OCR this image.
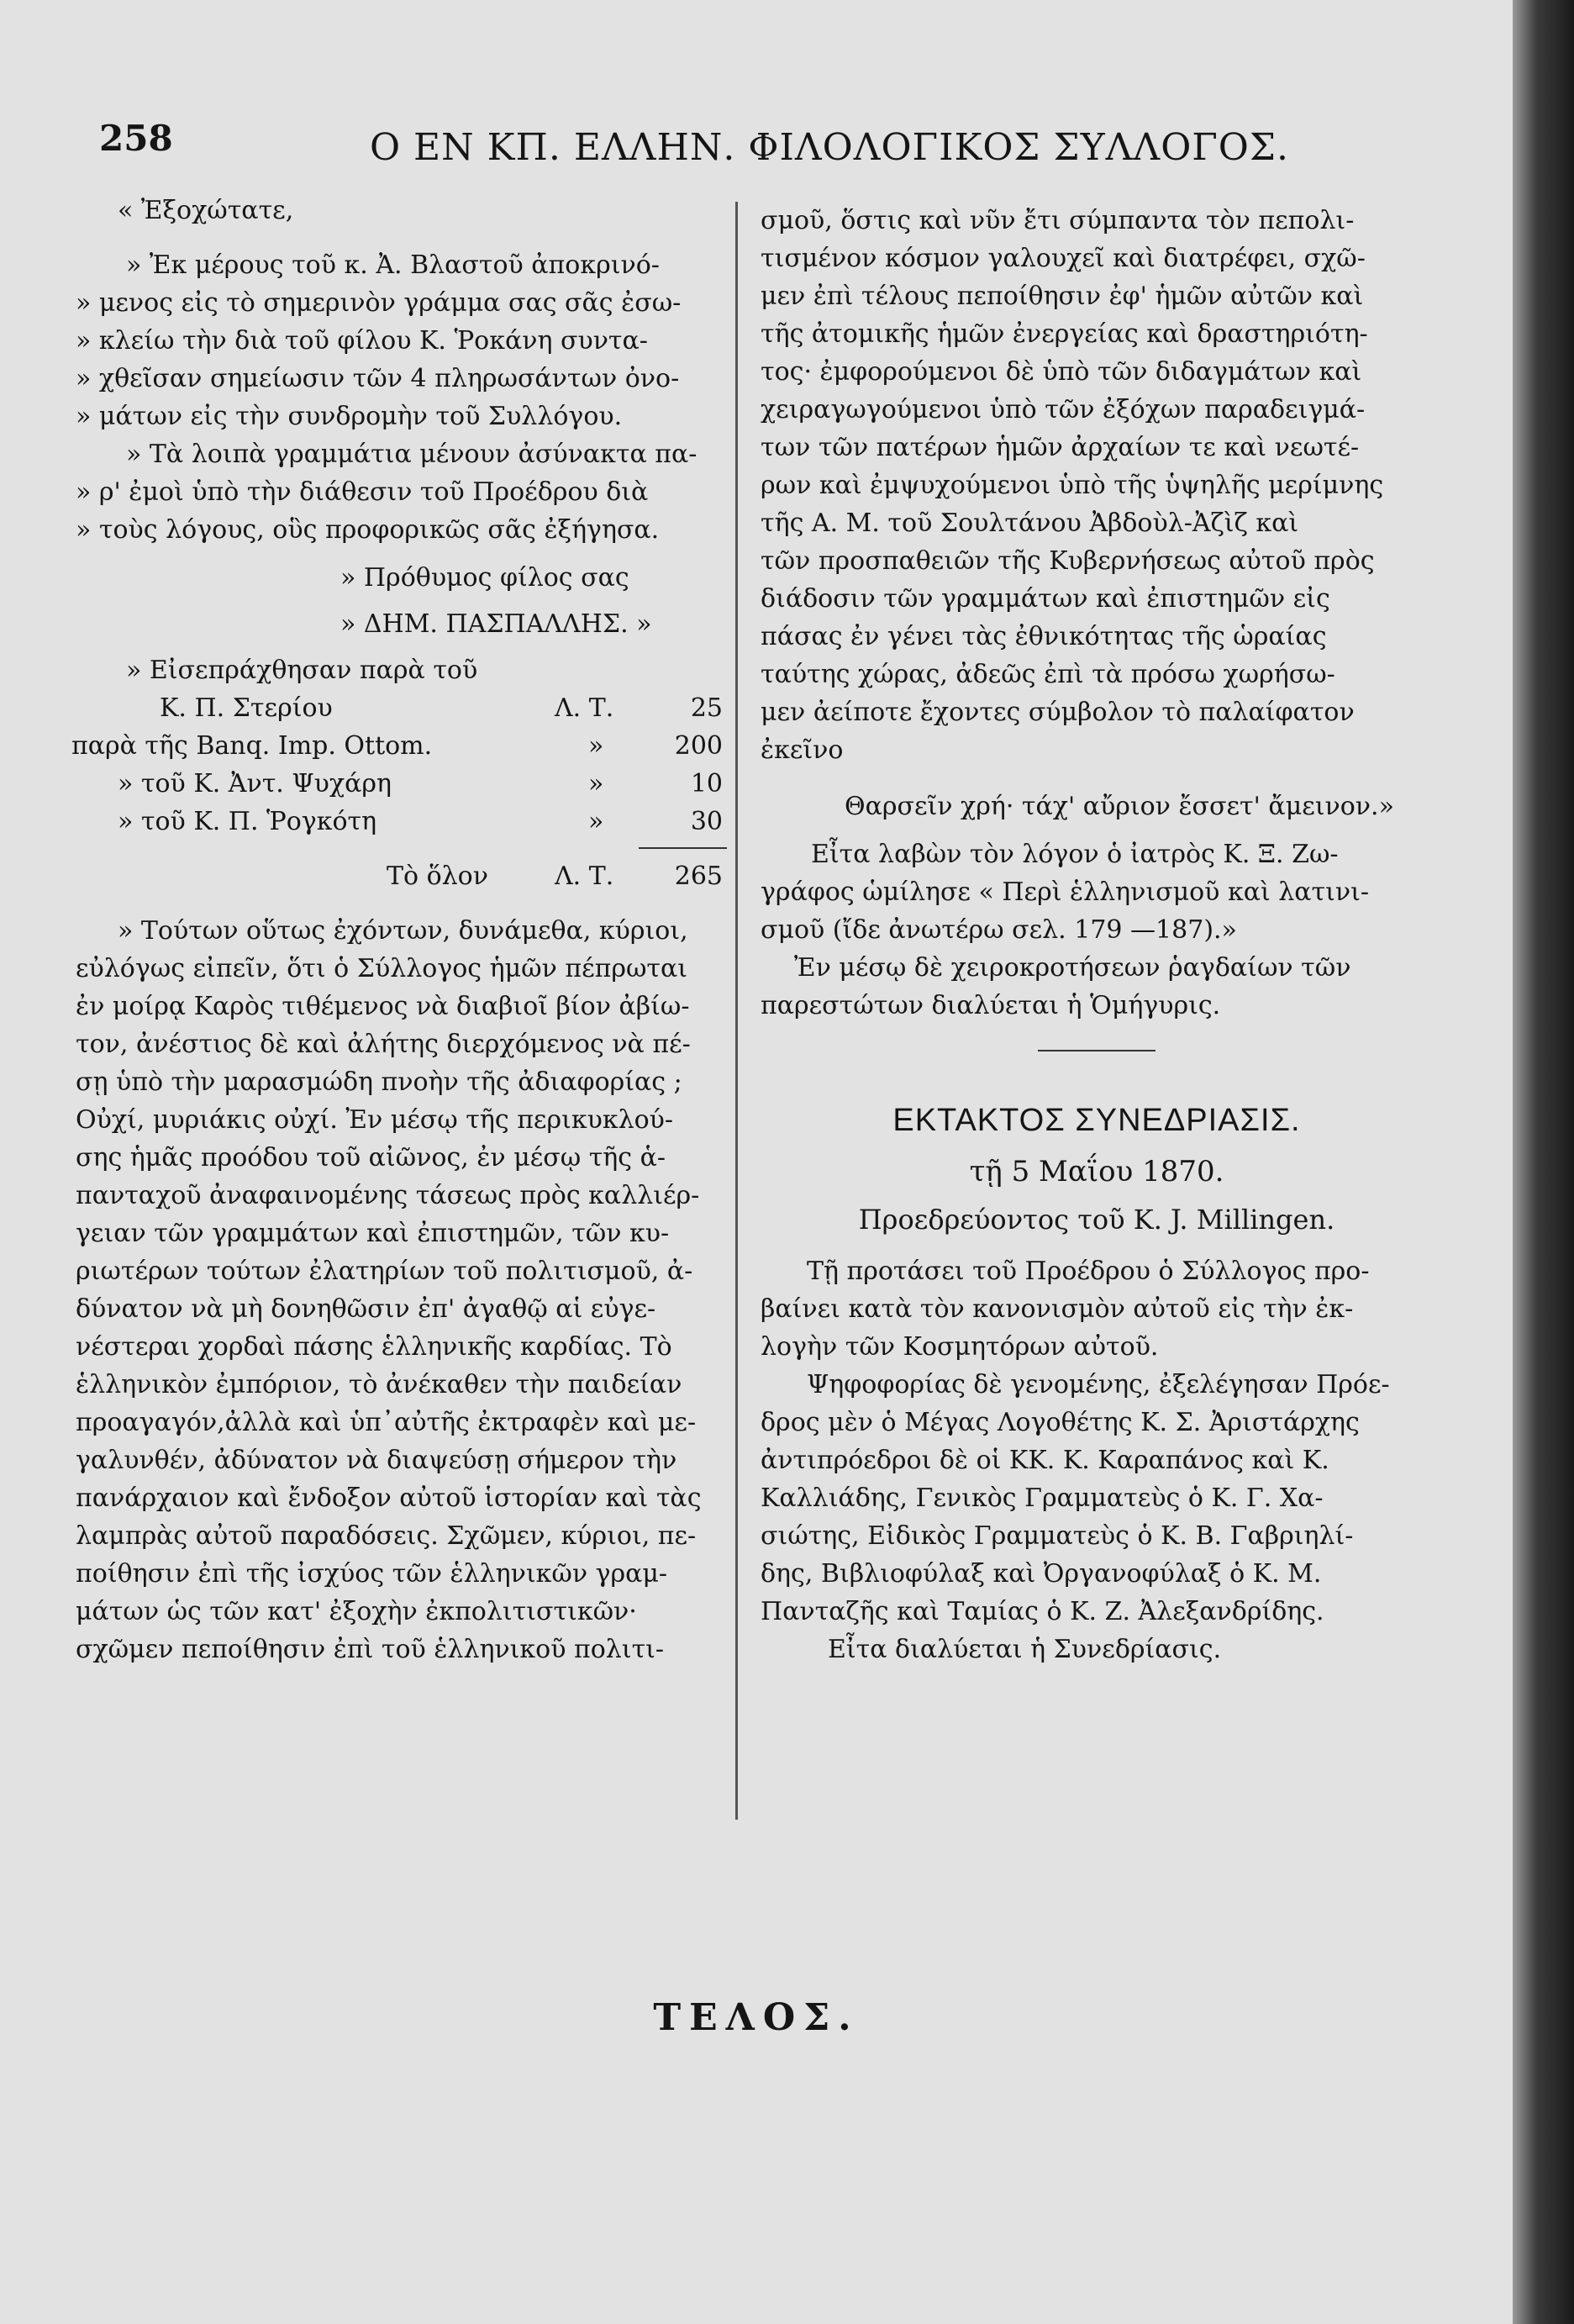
258	Ο ΕΝ ΚΠ. ΕΛΛΗΝ. ΦΙΛΟΛΟΓΙΚΟΣ ΣΥΛΛΟΓΟΣ.
« Ἐξοχώτατε,
» Ἐκ μέρους τοῦ κ. Ἀ. Βλαστοῦ ἀποκρινό-
» μενος εἰς τὸ σημερινὸν γράμμα σας σᾶς ἐσω-
» κλείω τὴν διὰ τοῦ φίλου Κ. Ῥοκάνη συντα-
» χθεῖσαν σημείωσιν τῶν 4 πληρωσάντων ὀνο-
» μάτων εἰς τὴν συνδρομὴν τοῦ Συλλόγου.
» Τὰ λοιπὰ γραμμάτια μένουν ἀσύνακτα πα-
» ρ' ἐμοὶ ὑπὸ τὴν διάθεσιν τοῦ Προέδρου διὰ
» τοὺς λόγους, οὓς προφορικῶς σᾶς ἐξήγησα.
» Πρόθυμος φίλος σας
» ΔΗΜ. ΠΑΣΠΑΛΛΗΣ. »
» Εἰσεπράχθησαν παρὰ τοῦ
Κ. Π. Στερίου	Λ. Τ.	25
παρὰ τῆς Banq. Imp. Ottom.	»	200
» τοῦ Κ. Ἀντ. Ψυχάρη	»	10
» τοῦ Κ. Π. Ῥογκότη	»	30
Τὸ ὅλον	Λ. Τ.	265
» Τούτων οὕτως ἐχόντων, δυνάμεθα, κύριοι,
εὐλόγως εἰπεῖν, ὅτι ὁ Σύλλογος ἡμῶν πέπρωται
ἐν μοίρᾳ Καρὸς τιθέμενος νὰ διαβιοῖ βίον ἀβίω-
τον, ἀνέστιος δὲ καὶ ἀλήτης διερχόμενος νὰ πέ-
σῃ ὑπὸ τὴν μαρασμώδη πνοὴν τῆς ἀδιαφορίας ;
Οὐχί, μυριάκις οὐχί. Ἐν μέσῳ τῆς περικυκλού-
σης ἡμᾶς προόδου τοῦ αἰῶνος, ἐν μέσῳ τῆς ἁ-
πανταχοῦ ἀναφαινομένης τάσεως πρὸς καλλιέρ-
γειαν τῶν γραμμάτων καὶ ἐπιστημῶν, τῶν κυ-
ριωτέρων τούτων ἐλατηρίων τοῦ πολιτισμοῦ, ἀ-
δύνατον νὰ μὴ δονηθῶσιν ἐπ' ἀγαθῷ αἱ εὐγε-
νέστεραι χορδαὶ πάσης ἑλληνικῆς καρδίας. Τὸ
ἑλληνικὸν ἐμπόριον, τὸ ἀνέκαθεν τὴν παιδείαν
προαγαγόν,ἀλλὰ καὶ ὑπ᾽αὐτῆς ἐκτραφὲν καὶ με-
γαλυνθέν, ἀδύνατον νὰ διαψεύσῃ σήμερον τὴν
πανάρχαιον καὶ ἔνδοξον αὐτοῦ ἱστορίαν καὶ τὰς
λαμπρὰς αὐτοῦ παραδόσεις. Σχῶμεν, κύριοι, πε-
ποίθησιν ἐπὶ τῆς ἰσχύος τῶν ἑλληνικῶν γραμ-
μάτων ὡς τῶν κατ' ἐξοχὴν ἐκπολιτιστικῶν·
σχῶμεν πεποίθησιν ἐπὶ τοῦ ἑλληνικοῦ πολιτι-
σμοῦ, ὅστις καὶ νῦν ἔτι σύμπαντα τὸν πεπολι-
τισμένον κόσμον γαλουχεῖ καὶ διατρέφει, σχῶ-
μεν ἐπὶ τέλους πεποίθησιν ἐφ' ἡμῶν αὐτῶν καὶ
τῆς ἀτομικῆς ἡμῶν ἐνεργείας καὶ δραστηριότη-
τος· ἐμφορούμενοι δὲ ὑπὸ τῶν διδαγμάτων καὶ
χειραγωγούμενοι ὑπὸ τῶν ἐξόχων παραδειγμά-
των τῶν πατέρων ἡμῶν ἀρχαίων τε καὶ νεωτέ-
ρων καὶ ἐμψυχούμενοι ὑπὸ τῆς ὑψηλῆς μερίμνης
τῆς Α. Μ. τοῦ Σουλτάνου Ἀβδοὺλ-Ἀζὶζ καὶ
τῶν προσπαθειῶν τῆς Κυβερνήσεως αὐτοῦ πρὸς
διάδοσιν τῶν γραμμάτων καὶ ἐπιστημῶν εἰς
πάσας ἐν γένει τὰς ἐθνικότητας τῆς ὡραίας
ταύτης χώρας, ἀδεῶς ἐπὶ τὰ πρόσω χωρήσω-
μεν ἀείποτε ἔχοντες σύμβολον τὸ παλαίφατον
ἐκεῖνο
Θαρσεῖν χρή· τάχ' αὔριον ἔσσετ' ἄμεινον.»
Εἶτα λαβὼν τὸν λόγον ὁ ἰατρὸς Κ. Ξ. Ζω-
γράφος ὡμίλησε « Περὶ ἑλληνισμοῦ καὶ λατινι-
σμοῦ (ἴδε ἀνωτέρω σελ. 179 —187).»
Ἐν μέσῳ δὲ χειροκροτήσεων ῥαγδαίων τῶν
παρεστώτων διαλύεται ἡ Ὁμήγυρις.
ΕΚΤΑΚΤΟΣ ΣΥΝΕΔΡΙΑΣΙΣ.
τῇ 5 Μαΐου 1870.
Προεδρεύοντος τοῦ Κ. J. Millingen.
Τῇ προτάσει τοῦ Προέδρου ὁ Σύλλογος προ-
βαίνει κατὰ τὸν κανονισμὸν αὐτοῦ εἰς τὴν ἐκ-
λογὴν τῶν Κοσμητόρων αὐτοῦ.
Ψηφοφορίας δὲ γενομένης, ἐξελέγησαν Πρόε-
δρος μὲν ὁ Μέγας Λογοθέτης Κ. Σ. Ἀριστάρχης
ἀντιπρόεδροι δὲ οἱ ΚΚ. Κ. Καραπάνος καὶ Κ.
Καλλιάδης, Γενικὸς Γραμματεὺς ὁ Κ. Γ. Χα-
σιώτης, Εἰδικὸς Γραμματεὺς ὁ Κ. Β. Γαβριηλί-
δης, Βιβλιοφύλαξ καὶ Ὀργανοφύλαξ ὁ Κ. Μ.
Πανταζῆς καὶ Ταμίας ὁ Κ. Ζ. Ἀλεξανδρίδης.
Εἶτα διαλύεται ἡ Συνεδρίασις.
ΤΕΛΟΣ.
